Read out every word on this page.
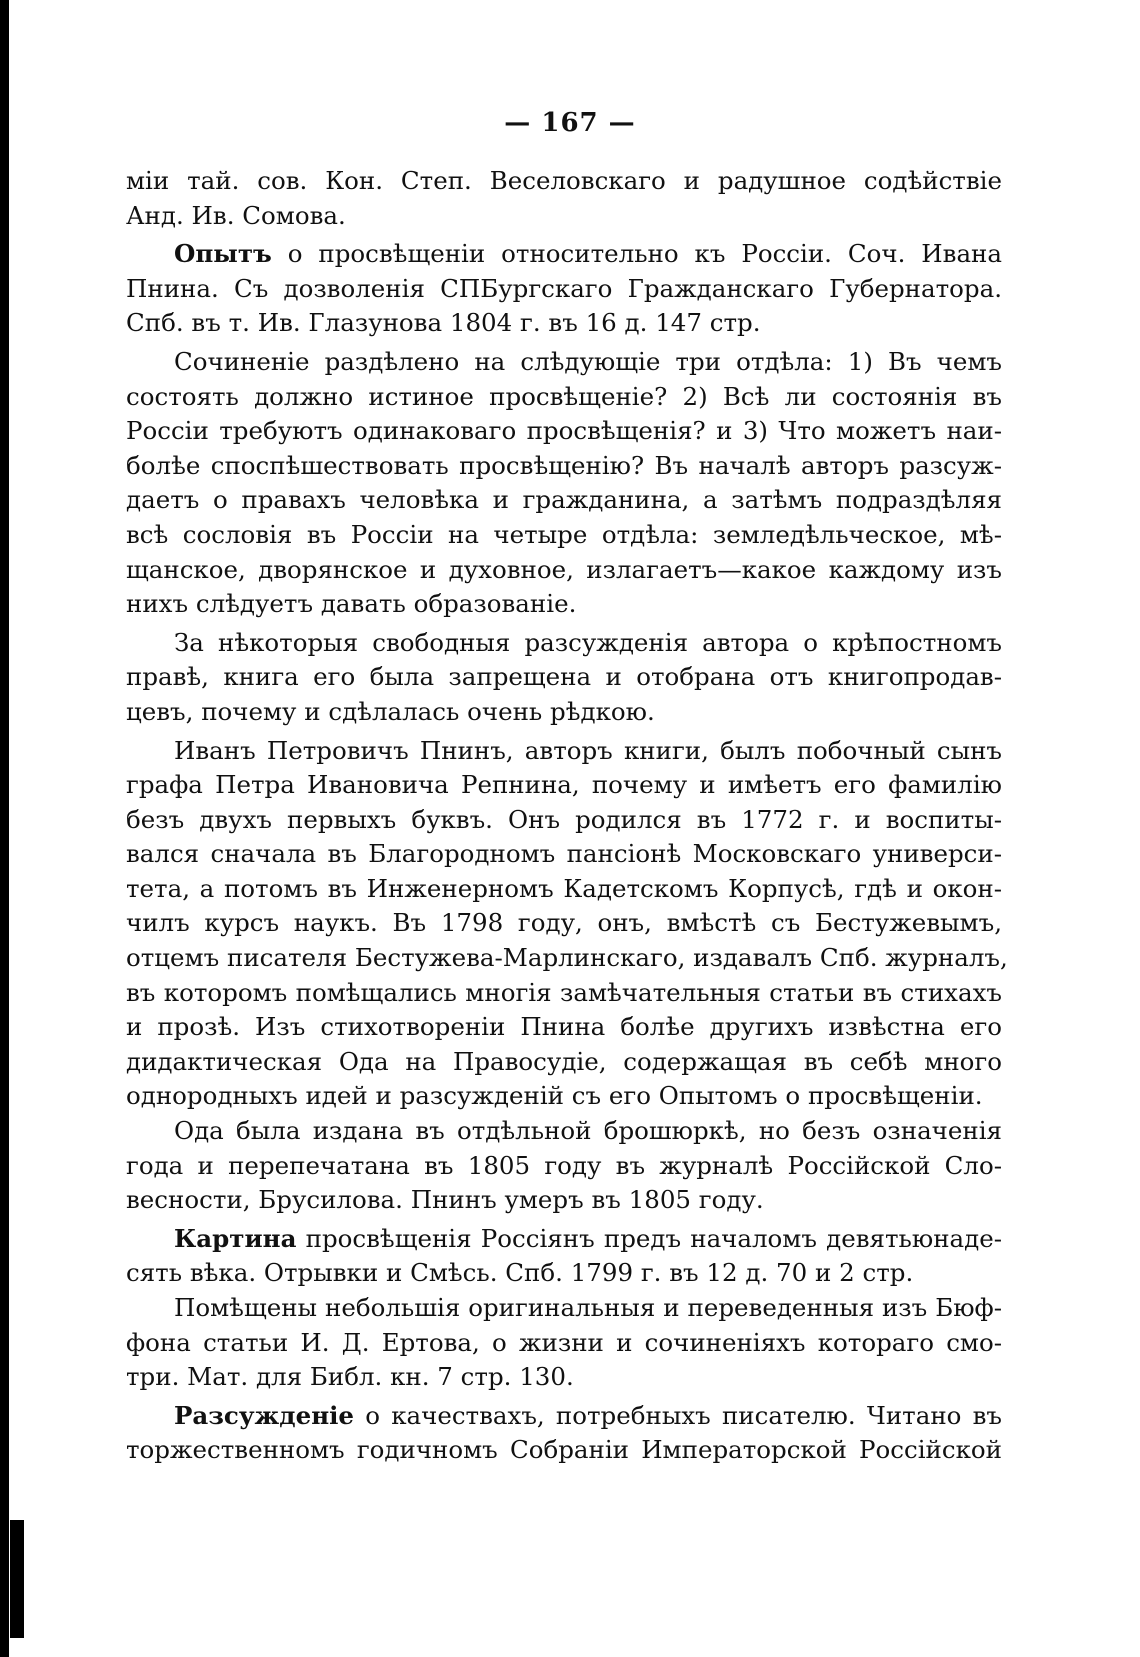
— 167 —
міи тай. сов. Кон. Степ. Веселовскаго и радушное содѣйствіе
Анд. Ив. Сомова.
Опытъ о просвѣщеніи относительно къ Россіи. Соч. Ивана
Пнина. Съ дозволенія СПБургскаго Гражданскаго Губернатора.
Спб. въ т. Ив. Глазунова 1804 г. въ 16 д. 147 стр.
Сочиненіе раздѣлено на слѣдующіе три отдѣла: 1) Въ чемъ
состоять должно истиное просвѣщеніе? 2) Всѣ ли состоянія въ
Россіи требуютъ одинаковаго просвѣщенія? и 3) Что можетъ наи-
болѣе споспѣшествовать просвѣщенію? Въ началѣ авторъ разсуж-
даетъ о правахъ человѣка и гражданина, а затѣмъ подраздѣляя
всѣ сословія въ Россіи на четыре отдѣла: земледѣльческое, мѣ-
щанское, дворянское и духовное, излагаетъ—какое каждому изъ
нихъ слѣдуетъ давать образованіе.
За нѣкоторыя свободныя разсужденія автора о крѣпостномъ
правѣ, книга его была запрещена и отобрана отъ книгопродав-
цевъ, почему и сдѣлалась очень рѣдкою.
Иванъ Петровичъ Пнинъ, авторъ книги, былъ побочный сынъ
графа Петра Ивановича Репнина, почему и имѣетъ его фамилію
безъ двухъ первыхъ буквъ. Онъ родился въ 1772 г. и воспиты-
вался сначала въ Благородномъ пансіонѣ Московскаго универси-
тета, а потомъ въ Инженерномъ Кадетскомъ Корпусѣ, гдѣ и окон-
чилъ курсъ наукъ. Въ 1798 году, онъ, вмѣстѣ съ Бестужевымъ,
отцемъ писателя Бестужева-Марлинскаго, издавалъ Спб. журналъ,
въ которомъ помѣщались многія замѣчательныя статьи въ стихахъ
и прозѣ. Изъ стихотвореніи Пнина болѣе другихъ извѣстна его
дидактическая Ода на Правосудіе, содержащая въ себѣ много
однородныхъ идей и разсужденій съ его Опытомъ о просвѣщеніи.
Ода была издана въ отдѣльной брошюркѣ, но безъ означенія
года и перепечатана въ 1805 году въ журналѣ Россійской Сло-
весности, Брусилова. Пнинъ умеръ въ 1805 году.
Картина просвѣщенія Россіянъ предъ началомъ девятьюнаде-
сять вѣка. Отрывки и Смѣсь. Спб. 1799 г. въ 12 д. 70 и 2 стр.
Помѣщены небольшія оригинальныя и переведенныя изъ Бюф-
фона статьи И. Д. Ертова, о жизни и сочиненіяхъ котораго смо-
три. Мат. для Библ. кн. 7 стр. 130.
Разсужденіе о качествахъ, потребныхъ писателю. Читано въ
торжественномъ годичномъ Собраніи Императорской Россійской
